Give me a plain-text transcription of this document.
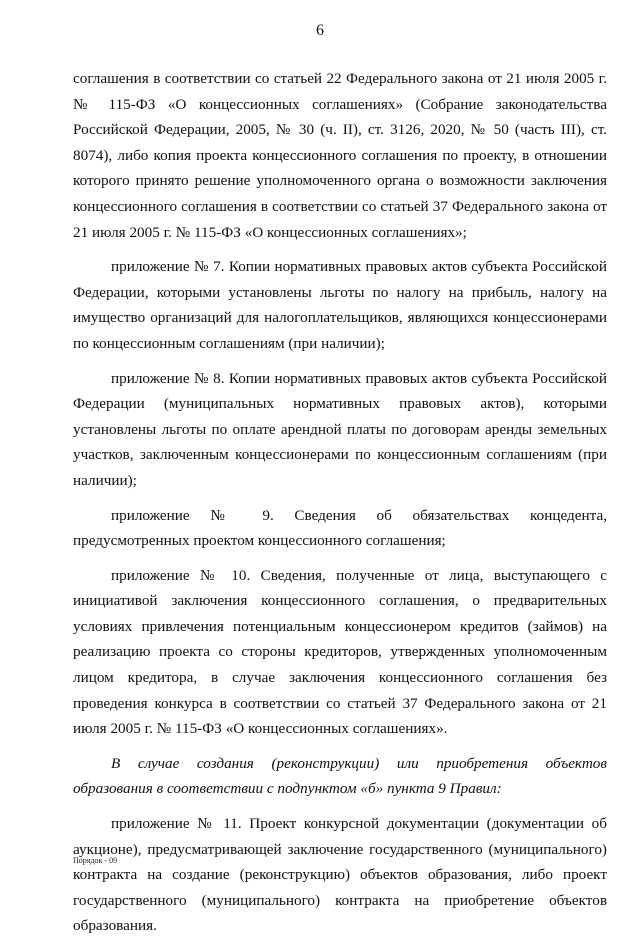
6

соглашения в соответствии со статьей 22 Федерального закона от 21 июля 2005 г. № 115-ФЗ «О концессионных соглашениях» (Собрание законодательства Российской Федерации, 2005, № 30 (ч. II), ст. 3126, 2020, № 50 (часть III), ст. 8074), либо копия проекта концессионного соглашения по проекту, в отношении которого принято решение уполномоченного органа о возможности заключения концессионного соглашения в соответствии со статьей 37 Федерального закона от 21 июля 2005 г. № 115-ФЗ «О концессионных соглашениях»;

приложение № 7. Копии нормативных правовых актов субъекта Российской Федерации, которыми установлены льготы по налогу на прибыль, налогу на имущество организаций для налогоплательщиков, являющихся концессионерами по концессионным соглашениям (при наличии);

приложение № 8. Копии нормативных правовых актов субъекта Российской Федерации (муниципальных нормативных правовых актов), которыми установлены льготы по оплате арендной платы по договорам аренды земельных участков, заключенным концессионерами по концессионным соглашениям (при наличии);

приложение № 9. Сведения об обязательствах концедента, предусмотренных проектом концессионного соглашения;

приложение № 10. Сведения, полученные от лица, выступающего с инициативой заключения концессионного соглашения, о предварительных условиях привлечения потенциальным концессионером кредитов (займов) на реализацию проекта со стороны кредиторов, утвержденных уполномоченным лицом кредитора, в случае заключения концессионного соглашения без проведения конкурса в соответствии со статьей 37 Федерального закона от 21 июля 2005 г. № 115-ФЗ «О концессионных соглашениях».

В случае создания (реконструкции) или приобретения объектов образования в соответствии с подпунктом «б» пункта 9 Правил:

приложение № 11. Проект конкурсной документации (документации об аукционе), предусматривающей заключение государственного (муниципального) контракта на создание (реконструкцию) объектов образования, либо проект государственного (муниципального) контракта на приобретение объектов образования.

Порядок - 09
